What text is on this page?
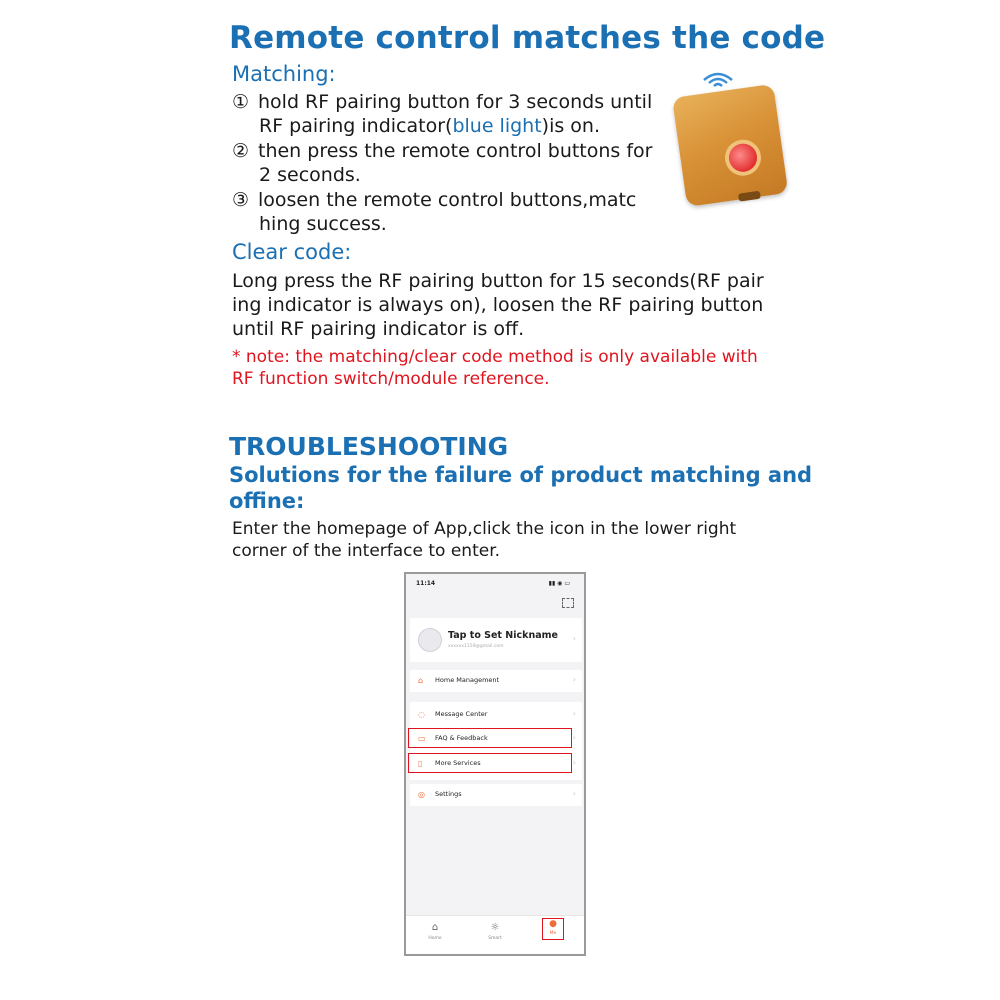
Remote control matches the code
Matching:
① hold RF pairing button for 3 seconds until
RF pairing indicator(blue light)is on.
② then press the remote control buttons for
2 seconds.
③ loosen the remote control buttons,matc
hing success.
Clear code:
Long press the RF pairing button for 15 seconds(RF pair
ing indicator is always on), loosen the RF pairing button
until RF pairing indicator is off.
* note: the matching/clear code method is only available with
RF function switch/module reference.
TROUBLESHOOTING
Solutions for the failure of product matching and
offine:
Enter the homepage of App,click the icon in the lower right
corner of the interface to enter.
11:14	▮▮ ◉ ▭
Tap to Set Nickname
xxxxxx1150@gmail.com
›
⌂	Home Management	›
◌	Message Center	›
▭ FAQ & Feedback	›
▯	More Services	›
◎	Settings	›
⌂
Home
☼
Smart
●
Me
